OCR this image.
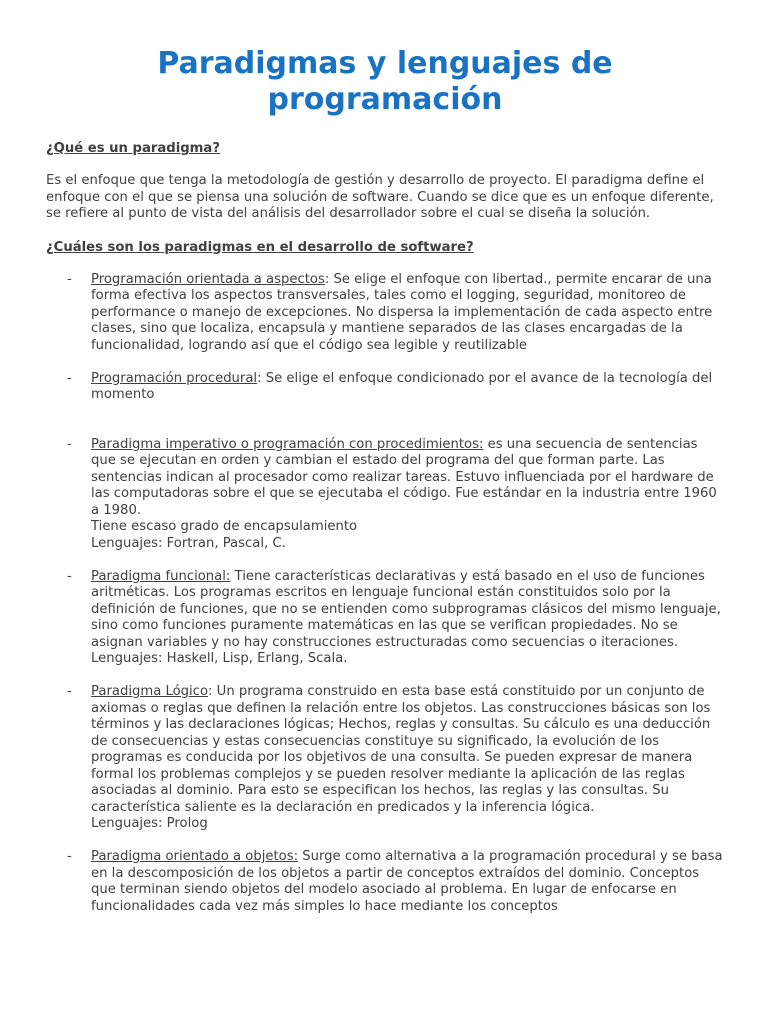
Paradigmas y lenguajes de programación
¿Qué es un paradigma?
Es el enfoque que tenga la metodología de gestión y desarrollo de proyecto. El paradigma define el enfoque con el que se piensa una solución de software. Cuando se dice que es un enfoque diferente, se refiere al punto de vista del análisis del desarrollador sobre el cual se diseña la solución.
¿Cuáles son los paradigmas en el desarrollo de software?
- Programación orientada a aspectos: Se elige el enfoque con libertad., permite encarar de una forma efectiva los aspectos transversales, tales como el logging, seguridad, monitoreo de performance o manejo de excepciones. No dispersa la implementación de cada aspecto entre clases, sino que localiza, encapsula y mantiene separados de las clases encargadas de la funcionalidad, logrando así que el código sea legible y reutilizable
- Programación procedural: Se elige el enfoque condicionado por el avance de la tecnología del momento
- Paradigma imperativo o programación con procedimientos: es una secuencia de sentencias que se ejecutan en orden y cambian el estado del programa del que forman parte. Las sentencias indican al procesador como realizar tareas. Estuvo influenciada por el hardware de las computadoras sobre el que se ejecutaba el código. Fue estándar en la industria entre 1960 a 1980.
Tiene escaso grado de encapsulamiento
Lenguajes: Fortran, Pascal, C.
- Paradigma funcional: Tiene características declarativas y está basado en el uso de funciones aritméticas. Los programas escritos en lenguaje funcional están constituidos solo por la definición de funciones, que no se entienden como subprogramas clásicos del mismo lenguaje, sino como funciones puramente matemáticas en las que se verifican propiedades. No se asignan variables y no hay construcciones estructuradas como secuencias o iteraciones.
Lenguajes: Haskell, Lisp, Erlang, Scala.
- Paradigma Lógico: Un programa construido en esta base está constituido por un conjunto de axiomas o reglas que definen la relación entre los objetos. Las construcciones básicas son los términos y las declaraciones lógicas; Hechos, reglas y consultas. Su cálculo es una deducción de consecuencias y estas consecuencias constituye su significado, la evolución de los programas es conducida por los objetivos de una consulta. Se pueden expresar de manera formal los problemas complejos y se pueden resolver mediante la aplicación de las reglas asociadas al dominio. Para esto se especifican los hechos, las reglas y las consultas. Su característica saliente es la declaración en predicados y la inferencia lógica.
Lenguajes: Prolog
- Paradigma orientado a objetos: Surge como alternativa a la programación procedural y se basa en la descomposición de los objetos a partir de conceptos extraídos del dominio. Conceptos que terminan siendo objetos del modelo asociado al problema. En lugar de enfocarse en funcionalidades cada vez más simples lo hace mediante los conceptos
